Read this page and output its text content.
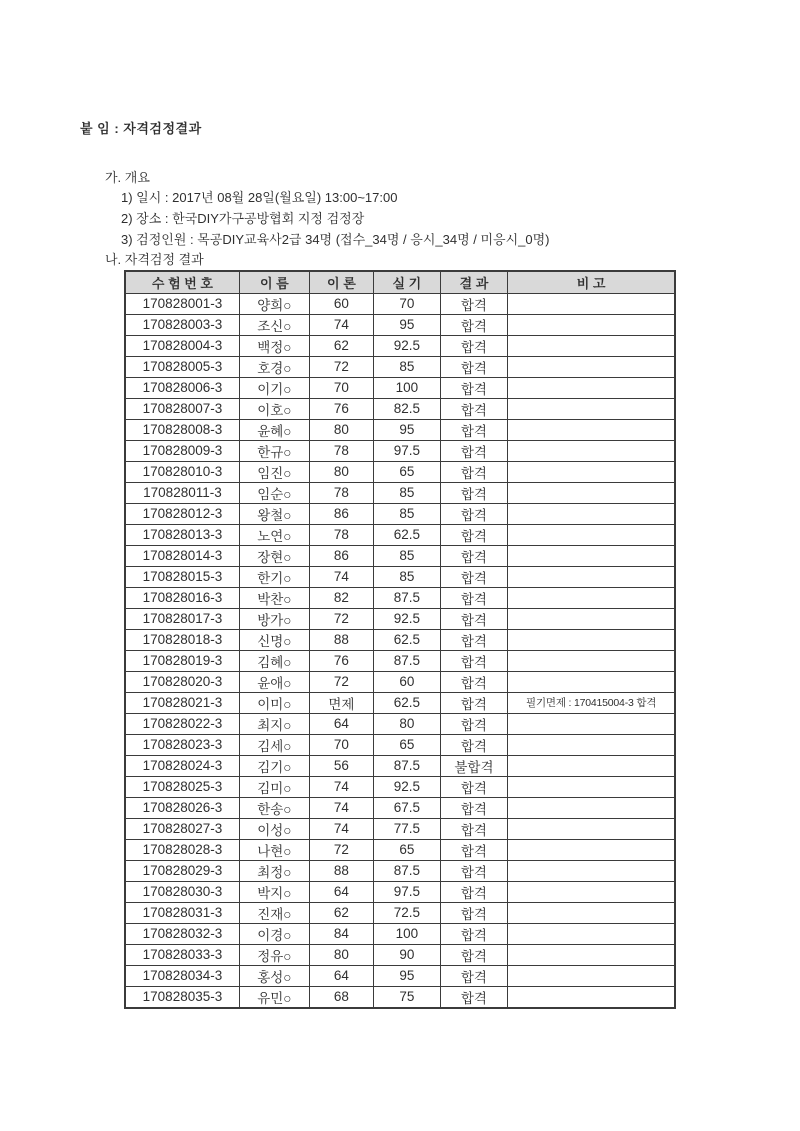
붙 임 : 자격검정결과
가. 개요
1) 일시 : 2017년 08월 28일(월요일) 13:00~17:00
2) 장소 : 한국DIY가구공방협회 지정 검정장
3) 검정인원 : 목공DIY교육사2급 34명 (접수_34명 / 응시_34명 / 미응시_0명)
나. 자격검정 결과
수 험 번 호	이 름	이 론	실 기	결 과	비 고
170828001-3	양희○	60	70	합격	
170828003-3	조신○	74	95	합격	
170828004-3	백정○	62	92.5	합격	
170828005-3	호경○	72	85	합격	
170828006-3	이기○	70	100	합격	
170828007-3	이호○	76	82.5	합격	
170828008-3	윤혜○	80	95	합격	
170828009-3	한규○	78	97.5	합격	
170828010-3	임진○	80	65	합격	
170828011-3	임순○	78	85	합격	
170828012-3	왕철○	86	85	합격	
170828013-3	노연○	78	62.5	합격	
170828014-3	장현○	86	85	합격	
170828015-3	한기○	74	85	합격	
170828016-3	박찬○	82	87.5	합격	
170828017-3	방가○	72	92.5	합격	
170828018-3	신명○	88	62.5	합격	
170828019-3	김혜○	76	87.5	합격	
170828020-3	윤애○	72	60	합격	
170828021-3	이미○	면제	62.5	합격	필기면제 : 170415004-3 합격
170828022-3	최지○	64	80	합격	
170828023-3	김세○	70	65	합격	
170828024-3	김기○	56	87.5	불합격	
170828025-3	김미○	74	92.5	합격	
170828026-3	한송○	74	67.5	합격	
170828027-3	이성○	74	77.5	합격	
170828028-3	나현○	72	65	합격	
170828029-3	최정○	88	87.5	합격	
170828030-3	박지○	64	97.5	합격	
170828031-3	진재○	62	72.5	합격	
170828032-3	이경○	84	100	합격	
170828033-3	정유○	80	90	합격	
170828034-3	홍성○	64	95	합격	
170828035-3	유민○	68	75	합격	
